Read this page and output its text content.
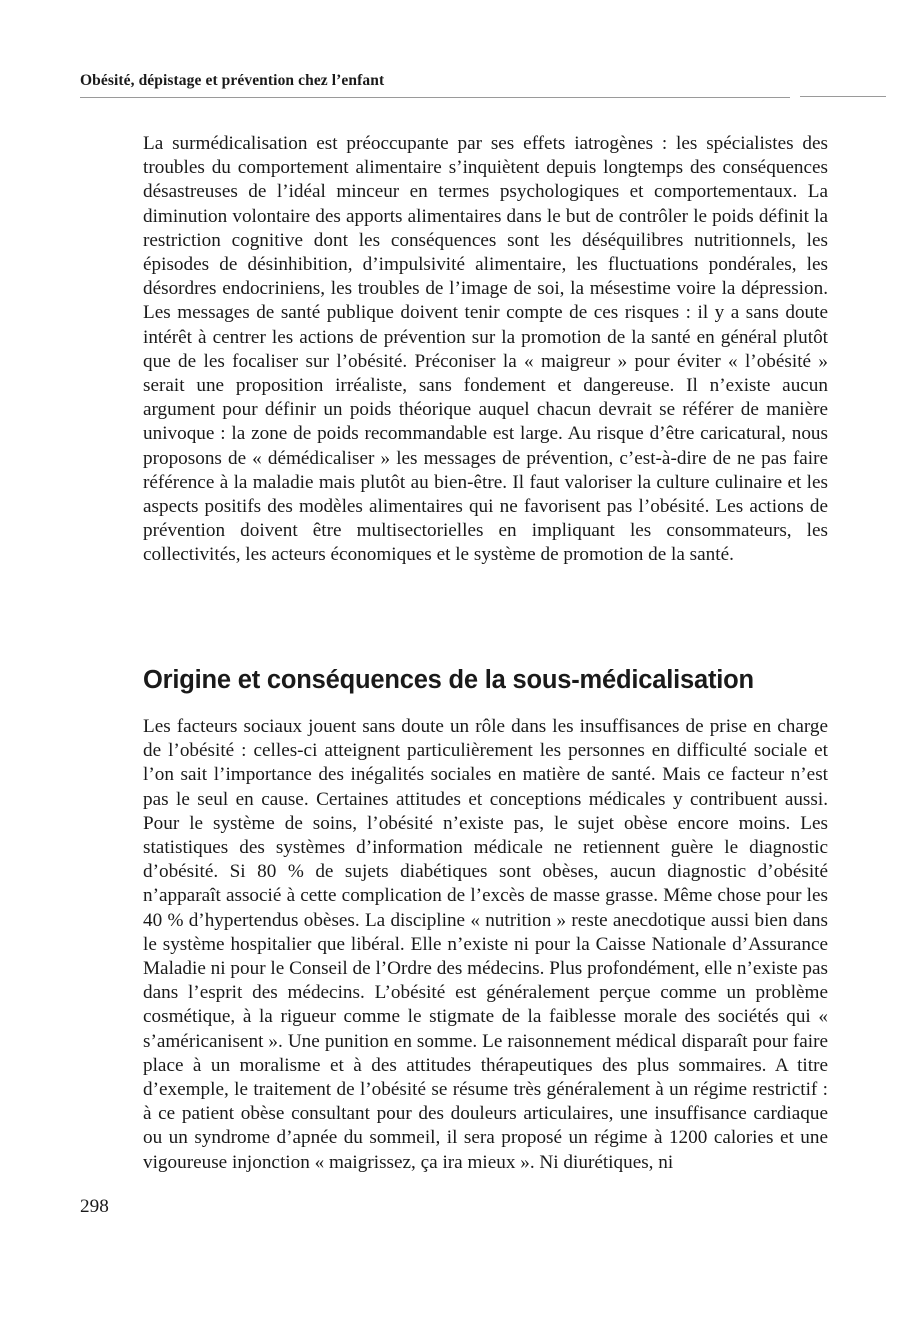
Obésité, dépistage et prévention chez l’enfant

La surmédicalisation est préoccupante par ses effets iatrogènes : les spécialistes des troubles du comportement alimentaire s’inquiètent depuis longtemps des conséquences désastreuses de l’idéal minceur en termes psychologiques et comportementaux. La diminution volontaire des apports alimentaires dans le but de contrôler le poids définit la restriction cognitive dont les conséquences sont les déséquilibres nutritionnels, les épisodes de désinhibition, d’impulsivité alimentaire, les fluctuations pondérales, les désordres endocriniens, les troubles de l’image de soi, la mésestime voire la dépression. Les messages de santé publique doivent tenir compte de ces risques : il y a sans doute intérêt à centrer les actions de prévention sur la promotion de la santé en général plutôt que de les focaliser sur l’obésité. Préconiser la « maigreur » pour éviter « l’obésité » serait une proposition irréaliste, sans fondement et dangereuse. Il n’existe aucun argument pour définir un poids théorique auquel chacun devrait se référer de manière univoque : la zone de poids recommandable est large. Au risque d’être caricatural, nous proposons de « démédicaliser » les messages de prévention, c’est-à-dire de ne pas faire référence à la maladie mais plutôt au bien-être. Il faut valoriser la culture culinaire et les aspects positifs des modèles alimentaires qui ne favorisent pas l’obésité. Les actions de prévention doivent être multisectorielles en impliquant les consommateurs, les collectivités, les acteurs économiques et le système de promotion de la santé.

Origine et conséquences de la sous-médicalisation

Les facteurs sociaux jouent sans doute un rôle dans les insuffisances de prise en charge de l’obésité : celles-ci atteignent particulièrement les personnes en difficulté sociale et l’on sait l’importance des inégalités sociales en matière de santé. Mais ce facteur n’est pas le seul en cause. Certaines attitudes et conceptions médicales y contribuent aussi. Pour le système de soins, l’obésité n’existe pas, le sujet obèse encore moins. Les statistiques des systèmes d’information médicale ne retiennent guère le diagnostic d’obésité. Si 80 % de sujets diabétiques sont obèses, aucun diagnostic d’obésité n’apparaît associé à cette complication de l’excès de masse grasse. Même chose pour les 40 % d’hypertendus obèses. La discipline « nutrition » reste anecdotique aussi bien dans le système hospitalier que libéral. Elle n’existe ni pour la Caisse Nationale d’Assurance Maladie ni pour le Conseil de l’Ordre des médecins. Plus profondément, elle n’existe pas dans l’esprit des médecins. L’obésité est généralement perçue comme un problème cosmétique, à la rigueur comme le stigmate de la faiblesse morale des sociétés qui « s’américanisent ». Une punition en somme. Le raisonnement médical disparaît pour faire place à un moralisme et à des attitudes thérapeutiques des plus sommaires. A titre d’exemple, le traitement de l’obésité se résume très généralement à un régime restrictif : à ce patient obèse consultant pour des douleurs articulaires, une insuffisance cardiaque ou un syndrome d’apnée du sommeil, il sera proposé un régime à 1200 calories et une vigoureuse injonction « maigrissez, ça ira mieux ». Ni diurétiques, ni

298
